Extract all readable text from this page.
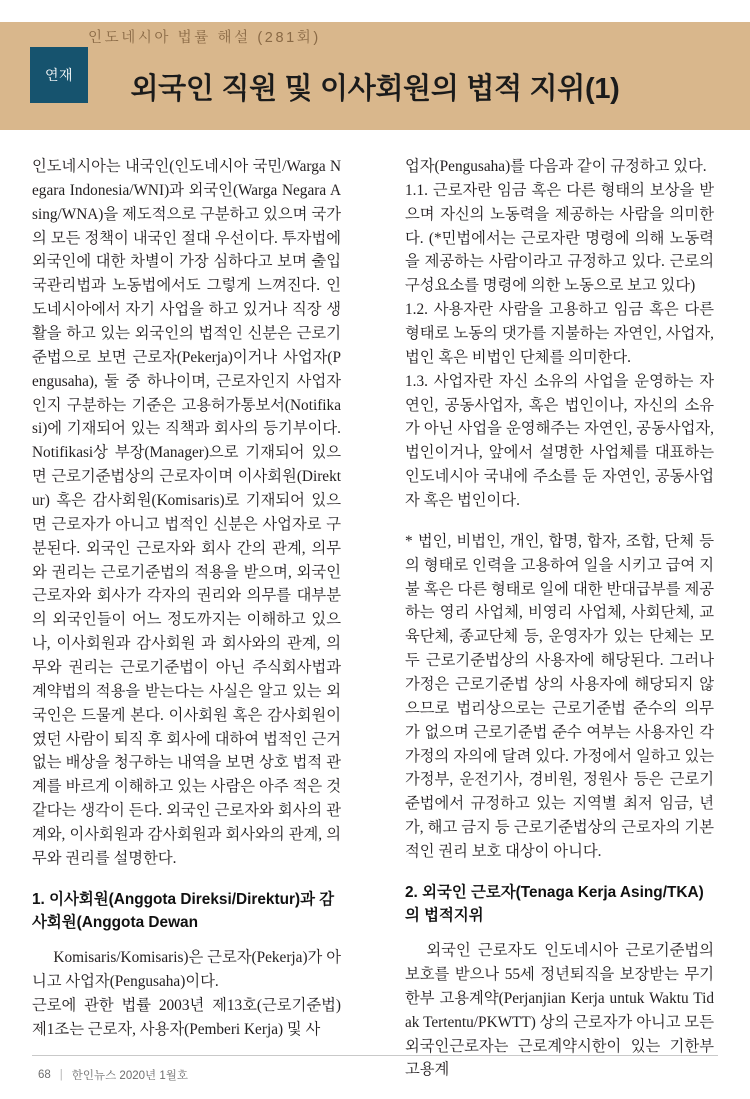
인도네시아 법률 해설 (281회)
연재	외국인 직원 및 이사회원의 법적 지위(1)

인도네시아는 내국인(인도네시아 국민/Warga Negara Indonesia/WNI)과 외국인(Warga Negara Asing/WNA)을 제도적으로 구분하고 있으며 국가의 모든 정책이 내국인 절대 우선이다. 투자법에 외국인에 대한 차별이 가장 심하다고 보며 출입국관리법과 노동법에서도 그렇게 느껴진다. 인도네시아에서 자기 사업을 하고 있거나 직장 생활을 하고 있는 외국인의 법적인 신분은 근로기준법으로 보면 근로자(Pekerja)이거나 사업자(Pengusaha), 둘 중 하나이며, 근로자인지 사업자인지 구분하는 기준은 고용허가통보서(Notifikasi)에 기재되어 있는 직책과 회사의 등기부이다. Notifikasi상 부장(Manager)으로 기재되어 있으면 근로기준법상의 근로자이며 이사회원(Direktur) 혹은 감사회원(Komisaris)로 기재되어 있으면 근로자가 아니고 법적인 신분은 사업자로 구분된다. 외국인 근로자와 회사 간의 관계, 의무와 권리는 근로기준법의 적용을 받으며, 외국인 근로자와 회사가 각자의 권리와 의무를 대부분의 외국인들이 어느 정도까지는 이해하고 있으나, 이사회원과 감사회원 과 회사와의 관계, 의무와 권리는 근로기준법이 아닌 주식회사법과 계약법의 적용을 받는다는 사실은 알고 있는 외국인은 드물게 본다. 이사회원 혹은 감사회원이였던 사람이 퇴직 후 회사에 대하여 법적인 근거 없는 배상을 청구하는 내역을 보면 상호 법적 관계를 바르게 이해하고 있는 사람은 아주 적은 것 같다는 생각이 든다. 외국인 근로자와 회사의 관계와, 이사회원과 감사회원과 회사와의 관계, 의무와 권리를 설명한다.

1. 이사회원(Anggota Direksi/Direktur)과 감사회원(Anggota Dewan

Komisaris/Komisaris)은 근로자(Pekerja)가 아니고 사업자(Pengusaha)이다.

근로에 관한 법률 2003년 제13호(근로기준법) 제1조는 근로자, 사용자(Pemberi Kerja) 및 사

업자(Pengusaha)를 다음과 같이 규정하고 있다.

1.1. 근로자란 임금 혹은 다른 형태의 보상을 받으며 자신의 노동력을 제공하는 사람을 의미한다. (*민법에서는 근로자란 명령에 의해 노동력을 제공하는 사람이라고 규정하고 있다. 근로의 구성요소를 명령에 의한 노동으로 보고 있다)

1.2. 사용자란 사람을 고용하고 임금 혹은 다른 형태로 노동의 댓가를 지불하는 자연인, 사업자, 법인 혹은 비법인 단체를 의미한다.

1.3. 사업자란 자신 소유의 사업을 운영하는 자연인, 공동사업자, 혹은 법인이나, 자신의 소유가 아닌 사업을 운영해주는 자연인, 공동사업자, 법인이거나, 앞에서 설명한 사업체를 대표하는 인도네시아 국내에 주소를 둔 자연인, 공동사업자 혹은 법인이다.

* 법인, 비법인, 개인, 합명, 합자, 조합, 단체 등의 형태로 인력을 고용하여 일을 시키고 급여 지불 혹은 다른 형태로 일에 대한 반대급부를 제공하는 영리 사업체, 비영리 사업체, 사회단체, 교육단체, 종교단체 등, 운영자가 있는 단체는 모두 근로기준법상의 사용자에 해당된다. 그러나 가정은 근로기준법 상의 사용자에 해당되지 않으므로 법리상으로는 근로기준법 준수의 의무가 없으며 근로기준법 준수 여부는 사용자인 각 가정의 자의에 달려 있다. 가정에서 일하고 있는 가정부, 운전기사, 경비원, 정원사 등은 근로기준법에서 규정하고 있는 지역별 최저 임금, 년가, 해고 금지 등 근로기준법상의 근로자의 기본적인 권리 보호 대상이 아니다.

2. 외국인 근로자(Tenaga Kerja Asing/TKA)의 법적지위

외국인 근로자도 인도네시아 근로기준법의 보호를 받으나 55세 정년퇴직을 보장받는 무기한부 고용계약(Perjanjian Kerja untuk Waktu Tidak Tertentu/PKWTT) 상의 근로자가 아니고 모든 외국인근로자는 근로계약시한이 있는 기한부 고용계

68 | 한인뉴스 2020년 1월호
